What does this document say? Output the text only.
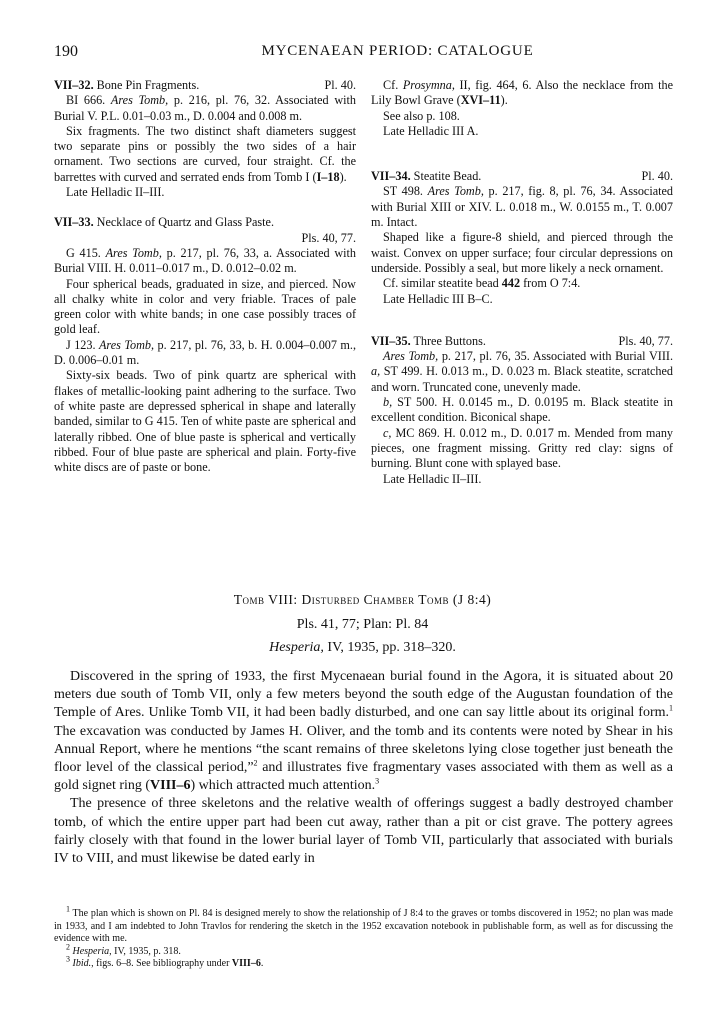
190	MYCENAEAN PERIOD: CATALOGUE
VII–32. Bone Pin Fragments.	Pl. 40.

BI 666. Ares Tomb, p. 216, pl. 76, 32. Associated with Burial V. P.L. 0.01–0.03 m., D. 0.004 and 0.008 m.

Six fragments. The two distinct shaft diameters suggest two separate pins or possibly the two sides of a hair ornament. Two sections are curved, four straight. Cf. the barrettes with curved and serrated ends from Tomb I (I–18).

Late Helladic II–III.

VII–33. Necklace of Quartz and Glass Paste.

Pls. 40, 77.

G 415. Ares Tomb, p. 217, pl. 76, 33, a. Associated with Burial VIII. H. 0.011–0.017 m., D. 0.012–0.02 m.

Four spherical beads, graduated in size, and pierced. Now all chalky white in color and very friable. Traces of pale green color with white bands; in one case possibly traces of gold leaf.

J 123. Ares Tomb, p. 217, pl. 76, 33, b. H. 0.004–0.007 m., D. 0.006–0.01 m.

Sixty-six beads. Two of pink quartz are spherical with flakes of metallic-looking paint adhering to the surface. Two of white paste are depressed spherical in shape and laterally banded, similar to G 415. Ten of white paste are spherical and laterally ribbed. One of blue paste is spherical and vertically ribbed. Four of blue paste are spherical and plain. Forty-five white discs are of paste or bone.

Cf. Prosymna, II, fig. 464, 6. Also the necklace from the Lily Bowl Grave (XVI–11).

See also p. 108.

Late Helladic III A.

VII–34. Steatite Bead.	Pl. 40.

ST 498. Ares Tomb, p. 217, fig. 8, pl. 76, 34. Associated with Burial XIII or XIV. L. 0.018 m., W. 0.0155 m., T. 0.007 m. Intact.

Shaped like a figure-8 shield, and pierced through the waist. Convex on upper surface; four circular depressions on underside. Possibly a seal, but more likely a neck ornament.

Cf. similar steatite bead 442 from O 7:4.

Late Helladic III B–C.

VII–35. Three Buttons.	Pls. 40, 77.

Ares Tomb, p. 217, pl. 76, 35. Associated with Burial VIII. a, ST 499. H. 0.013 m., D. 0.023 m. Black steatite, scratched and worn. Truncated cone, unevenly made.

b, ST 500. H. 0.0145 m., D. 0.0195 m. Black steatite in excellent condition. Biconical shape.

c, MC 869. H. 0.012 m., D. 0.017 m. Mended from many pieces, one fragment missing. Gritty red clay: signs of burning. Blunt cone with splayed base.

Late Helladic II–III.

Tomb VIII: Disturbed Chamber Tomb (J 8:4)
Pls. 41, 77; Plan: Pl. 84
Hesperia, IV, 1935, pp. 318–320.

Discovered in the spring of 1933, the first Mycenaean burial found in the Agora, it is situated about 20 meters due south of Tomb VII, only a few meters beyond the south edge of the Augustan foundation of the Temple of Ares. Unlike Tomb VII, it had been badly disturbed, and one can say little about its original form.$^1$ The excavation was conducted by James H. Oliver, and the tomb and its contents were noted by Shear in his Annual Report, where he mentions “the scant remains of three skeletons lying close together just beneath the floor level of the classical period,”$^2$ and illustrates five fragmentary vases associated with them as well as a gold signet ring (VIII–6) which attracted much attention.$^3$

The presence of three skeletons and the relative wealth of offerings suggest a badly destroyed chamber tomb, of which the entire upper part had been cut away, rather than a pit or cist grave. The pottery agrees fairly closely with that found in the lower burial layer of Tomb VII, particularly that associated with burials IV to VIII, and must likewise be dated early in

$^1$ The plan which is shown on Pl. 84 is designed merely to show the relationship of J 8:4 to the graves or tombs discovered in 1952; no plan was made in 1933, and I am indebted to John Travlos for rendering the sketch in the 1952 excavation notebook in publishable form, as well as for discussing the evidence with me.

$^2$ Hesperia, IV, 1935, p. 318.

$^3$ Ibid., figs. 6–8. See bibliography under VIII–6.
